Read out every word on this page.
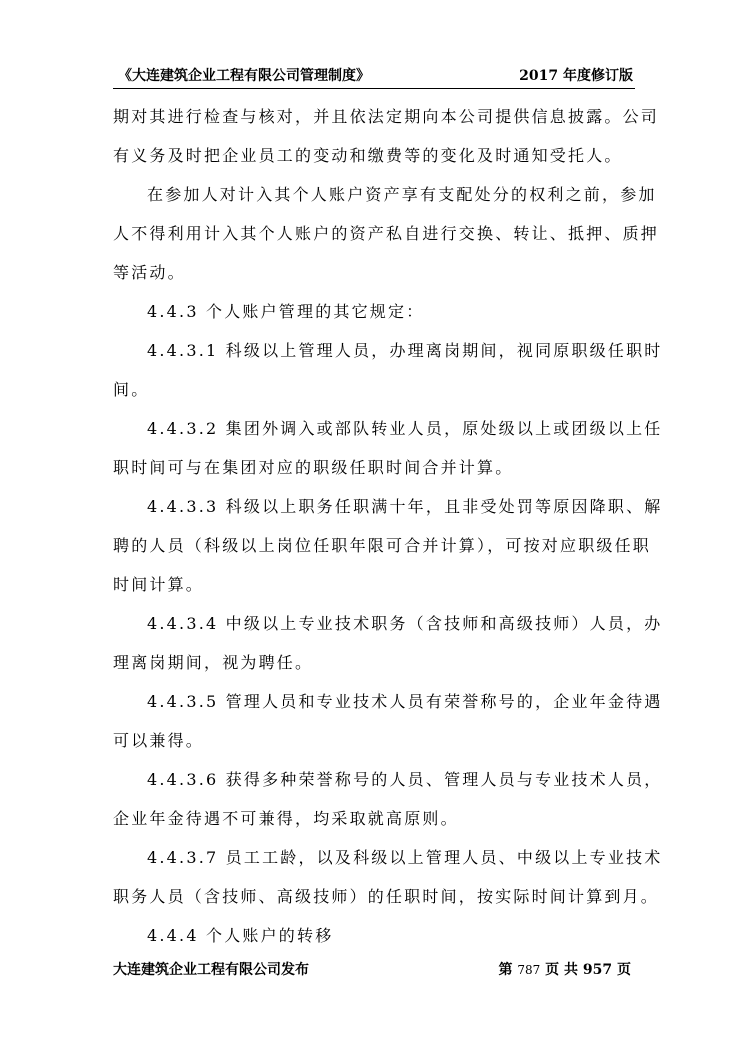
《大连建筑企业工程有限公司管理制度》	2017 年度修订版
期对其进行检查与核对，并且依法定期向本公司提供信息披露。公司
有义务及时把企业员工的变动和缴费等的变化及时通知受托人。
在参加人对计入其个人账户资产享有支配处分的权利之前，参加
人不得利用计入其个人账户的资产私自进行交换、转让、抵押、质押
等活动。
4.4.3 个人账户管理的其它规定：
4.4.3.1 科级以上管理人员，办理离岗期间，视同原职级任职时
间。
4.4.3.2 集团外调入或部队转业人员，原处级以上或团级以上任
职时间可与在集团对应的职级任职时间合并计算。
4.4.3.3 科级以上职务任职满十年，且非受处罚等原因降职、解
聘的人员（科级以上岗位任职年限可合并计算），可按对应职级任职
时间计算。
4.4.3.4 中级以上专业技术职务（含技师和高级技师）人员，办
理离岗期间，视为聘任。
4.4.3.5 管理人员和专业技术人员有荣誉称号的，企业年金待遇
可以兼得。
4.4.3.6 获得多种荣誉称号的人员、管理人员与专业技术人员，
企业年金待遇不可兼得，均采取就高原则。
4.4.3.7 员工工龄，以及科级以上管理人员、中级以上专业技术
职务人员（含技师、高级技师）的任职时间，按实际时间计算到月。
4.4.4 个人账户的转移
大连建筑企业工程有限公司发布	第 787 页 共 957 页
